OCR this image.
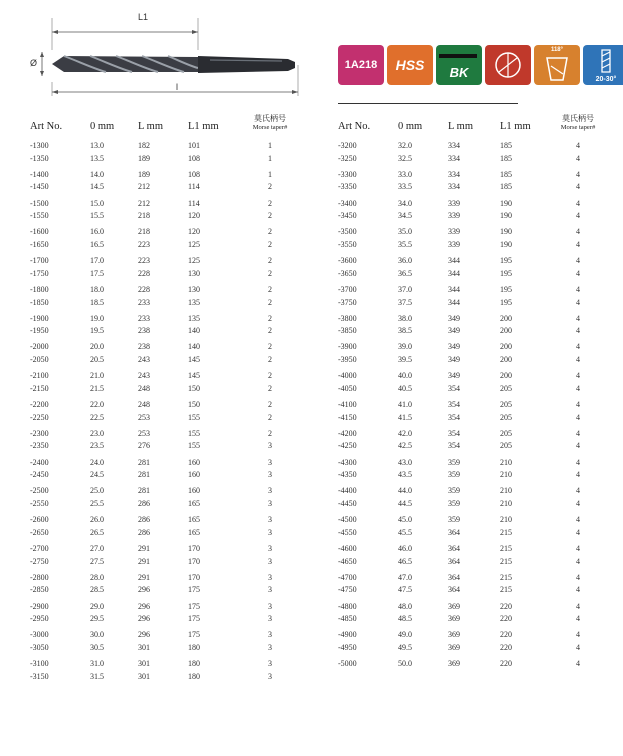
L1
l
Ø	1A218 HSS BK
118°
20-30°
Art No.	0 mm	L mm	L1 mm
莫氏柄号
Morse taper#
-1300	13.0	182	101	1
-1350	13.5	189	108	1
-1400	14.0	189	108	1
-1450	14.5	212	114	2
-1500	15.0	212	114	2
-1550	15.5	218	120	2
-1600	16.0	218	120	2
-1650	16.5	223	125	2
-1700	17.0	223	125	2
-1750	17.5	228	130	2
-1800	18.0	228	130	2
-1850	18.5	233	135	2
-1900	19.0	233	135	2
-1950	19.5	238	140	2
-2000	20.0	238	140	2
-2050	20.5	243	145	2
-2100	21.0	243	145	2
-2150	21.5	248	150	2
-2200	22.0	248	150	2
-2250	22.5	253	155	2
-2300	23.0	253	155	2
-2350	23.5	276	155	3
-2400	24.0	281	160	3
-2450	24.5	281	160	3
-2500	25.0	281	160	3
-2550	25.5	286	165	3
-2600	26.0	286	165	3
-2650	26.5	286	165	3
-2700	27.0	291	170	3
-2750	27.5	291	170	3
-2800	28.0	291	170	3
-2850	28.5	296	175	3
-2900	29.0	296	175	3
-2950	29.5	296	175	3
-3000	30.0	296	175	3
-3050	30.5	301	180	3
-3100	31.0	301	180	3
-3150	31.5	301	180	3
Art No.	0 mm	L mm	L1 mm
莫氏柄号
Morse taper#
-3200	32.0	334	185	4
-3250	32.5	334	185	4
-3300	33.0	334	185	4
-3350	33.5	334	185	4
-3400	34.0	339	190	4
-3450	34.5	339	190	4
-3500	35.0	339	190	4
-3550	35.5	339	190	4
-3600	36.0	344	195	4
-3650	36.5	344	195	4
-3700	37.0	344	195	4
-3750	37.5	344	195	4
-3800	38.0	349	200	4
-3850	38.5	349	200	4
-3900	39.0	349	200	4
-3950	39.5	349	200	4
-4000	40.0	349	200	4
-4050	40.5	354	205	4
-4100	41.0	354	205	4
-4150	41.5	354	205	4
-4200	42.0	354	205	4
-4250	42.5	354	205	4
-4300	43.0	359	210	4
-4350	43.5	359	210	4
-4400	44.0	359	210	4
-4450	44.5	359	210	4
-4500	45.0	359	210	4
-4550	45.5	364	215	4
-4600	46.0	364	215	4
-4650	46.5	364	215	4
-4700	47.0	364	215	4
-4750	47.5	364	215	4
-4800	48.0	369	220	4
-4850	48.5	369	220	4
-4900	49.0	369	220	4
-4950	49.5	369	220	4
-5000	50.0	369	220	4
